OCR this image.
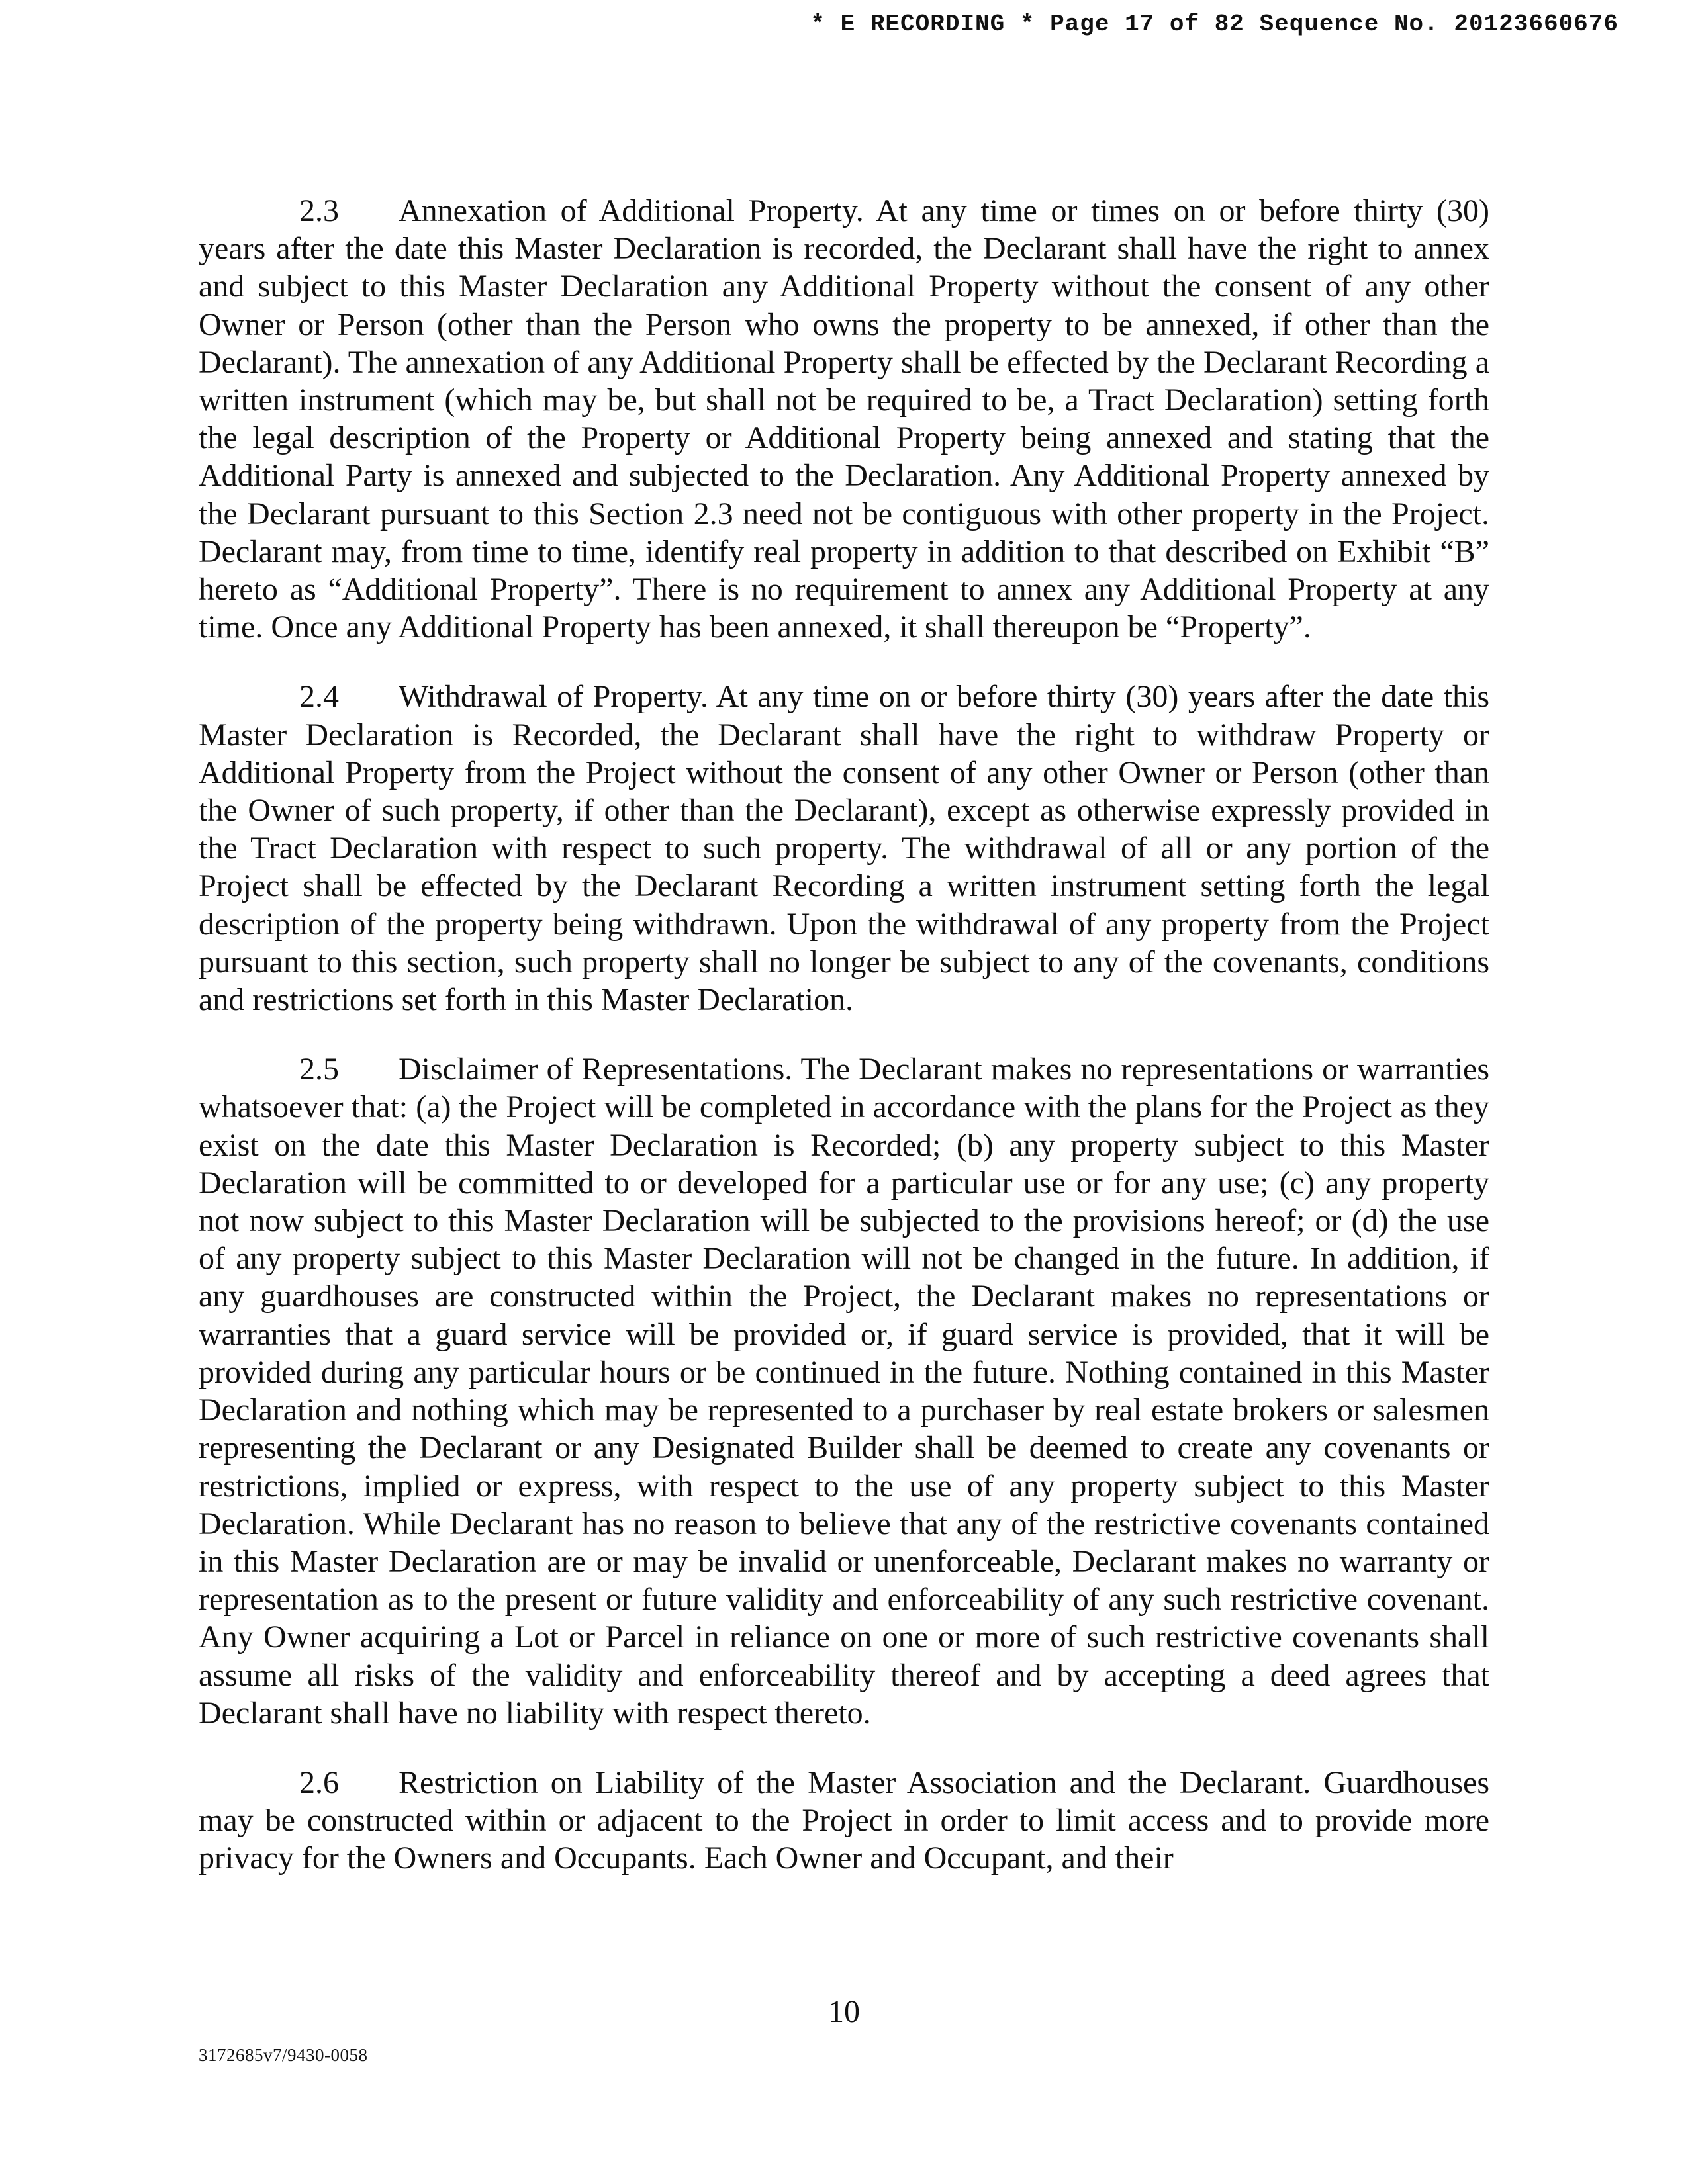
* E RECORDING * Page 17 of 82 Sequence No. 20123660676
2.3 Annexation of Additional Property. At any time or times on or before thirty (30) years after the date this Master Declaration is recorded, the Declarant shall have the right to annex and subject to this Master Declaration any Additional Property without the consent of any other Owner or Person (other than the Person who owns the property to be annexed, if other than the Declarant). The annexation of any Additional Property shall be effected by the Declarant Recording a written instrument (which may be, but shall not be required to be, a Tract Declaration) setting forth the legal description of the Property or Additional Property being annexed and stating that the Additional Party is annexed and subjected to the Declaration. Any Additional Property annexed by the Declarant pursuant to this Section 2.3 need not be contiguous with other property in the Project. Declarant may, from time to time, identify real property in addition to that described on Exhibit “B” hereto as “Additional Property”. There is no requirement to annex any Additional Property at any time. Once any Additional Property has been annexed, it shall thereupon be “Property”.

2.4 Withdrawal of Property. At any time on or before thirty (30) years after the date this Master Declaration is Recorded, the Declarant shall have the right to withdraw Property or Additional Property from the Project without the consent of any other Owner or Person (other than the Owner of such property, if other than the Declarant), except as otherwise expressly provided in the Tract Declaration with respect to such property. The withdrawal of all or any portion of the Project shall be effected by the Declarant Recording a written instrument setting forth the legal description of the property being withdrawn. Upon the withdrawal of any property from the Project pursuant to this section, such property shall no longer be subject to any of the covenants, conditions and restrictions set forth in this Master Declaration.

2.5 Disclaimer of Representations. The Declarant makes no representations or warranties whatsoever that: (a) the Project will be completed in accordance with the plans for the Project as they exist on the date this Master Declaration is Recorded; (b) any property subject to this Master Declaration will be committed to or developed for a particular use or for any use; (c) any property not now subject to this Master Declaration will be subjected to the provisions hereof; or (d) the use of any property subject to this Master Declaration will not be changed in the future. In addition, if any guardhouses are constructed within the Project, the Declarant makes no representations or warranties that a guard service will be provided or, if guard service is provided, that it will be provided during any particular hours or be continued in the future. Nothing contained in this Master Declaration and nothing which may be represented to a purchaser by real estate brokers or salesmen representing the Declarant or any Designated Builder shall be deemed to create any covenants or restrictions, implied or express, with respect to the use of any property subject to this Master Declaration. While Declarant has no reason to believe that any of the restrictive covenants contained in this Master Declaration are or may be invalid or unenforceable, Declarant makes no warranty or representation as to the present or future validity and enforceability of any such restrictive covenant. Any Owner acquiring a Lot or Parcel in reliance on one or more of such restrictive covenants shall assume all risks of the validity and enforceability thereof and by accepting a deed agrees that Declarant shall have no liability with respect thereto.

2.6 Restriction on Liability of the Master Association and the Declarant. Guardhouses may be constructed within or adjacent to the Project in order to limit access and to provide more privacy for the Owners and Occupants. Each Owner and Occupant, and their

10
3172685v7/9430-0058
